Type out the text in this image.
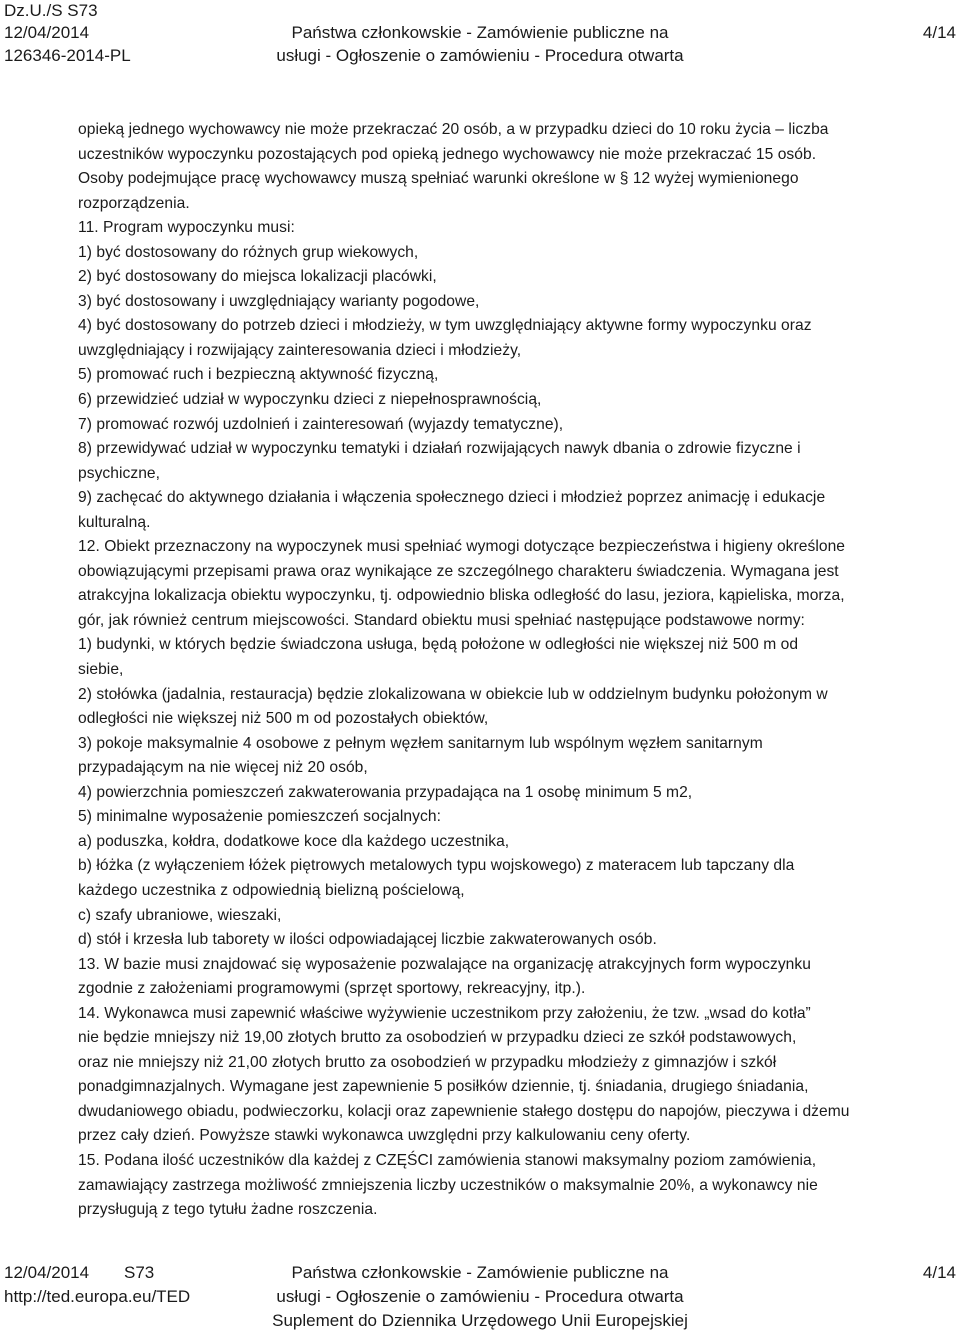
Dz.U./S S73
12/04/2014
126346-2014-PL
Państwa członkowskie - Zamówienie publiczne na
usługi - Ogłoszenie o zamówieniu - Procedura otwarta
4/14

opieką jednego wychowawcy nie może przekraczać 20 osób, a w przypadku dzieci do 10 roku życia – liczba

uczestników wypoczynku pozostających pod opieką jednego wychowawcy nie może przekraczać 15 osób.

Osoby podejmujące pracę wychowawcy muszą spełniać warunki określone w § 12 wyżej wymienionego

rozporządzenia.

11. Program wypoczynku musi:

1) być dostosowany do różnych grup wiekowych,

2) być dostosowany do miejsca lokalizacji placówki,

3) być dostosowany i uwzględniający warianty pogodowe,

4) być dostosowany do potrzeb dzieci i młodzieży, w tym uwzględniający aktywne formy wypoczynku oraz

uwzględniający i rozwijający zainteresowania dzieci i młodzieży,

5) promować ruch i bezpieczną aktywność fizyczną,

6) przewidzieć udział w wypoczynku dzieci z niepełnosprawnością,

7) promować rozwój uzdolnień i zainteresowań (wyjazdy tematyczne),

8) przewidywać udział w wypoczynku tematyki i działań rozwijających nawyk dbania o zdrowie fizyczne i

psychiczne,

9) zachęcać do aktywnego działania i włączenia społecznego dzieci i młodzież poprzez animację i edukacje

kulturalną.

12. Obiekt przeznaczony na wypoczynek musi spełniać wymogi dotyczące bezpieczeństwa i higieny określone

obowiązującymi przepisami prawa oraz wynikające ze szczególnego charakteru świadczenia. Wymagana jest

atrakcyjna lokalizacja obiektu wypoczynku, tj. odpowiednio bliska odległość do lasu, jeziora, kąpieliska, morza,

gór, jak również centrum miejscowości. Standard obiektu musi spełniać następujące podstawowe normy:

1) budynki, w których będzie świadczona usługa, będą położone w odległości nie większej niż 500 m od

siebie,

2) stołówka (jadalnia, restauracja) będzie zlokalizowana w obiekcie lub w oddzielnym budynku położonym w

odległości nie większej niż 500 m od pozostałych obiektów,

3) pokoje maksymalnie 4 osobowe z pełnym węzłem sanitarnym lub wspólnym węzłem sanitarnym

przypadającym na nie więcej niż 20 osób,

4) powierzchnia pomieszczeń zakwaterowania przypadająca na 1 osobę minimum 5 m2,

5) minimalne wyposażenie pomieszczeń socjalnych:

a) poduszka, kołdra, dodatkowe koce dla każdego uczestnika,

b) łóżka (z wyłączeniem łóżek piętrowych metalowych typu wojskowego) z materacem lub tapczany dla

każdego uczestnika z odpowiednią bielizną pościelową,

c) szafy ubraniowe, wieszaki,

d) stół i krzesła lub taborety w ilości odpowiadającej liczbie zakwaterowanych osób.

13. W bazie musi znajdować się wyposażenie pozwalające na organizację atrakcyjnych form wypoczynku

zgodnie z założeniami programowymi (sprzęt sportowy, rekreacyjny, itp.).

14. Wykonawca musi zapewnić właściwe wyżywienie uczestnikom przy założeniu, że tzw. „wsad do kotła”

nie będzie mniejszy niż 19,00 złotych brutto za osobodzień w przypadku dzieci ze szkół podstawowych,

oraz nie mniejszy niż 21,00 złotych brutto za osobodzień w przypadku młodzieży z gimnazjów i szkół

ponadgimnazjalnych. Wymagane jest zapewnienie 5 posiłków dziennie, tj. śniadania, drugiego śniadania,

dwudaniowego obiadu, podwieczorku, kolacji oraz zapewnienie stałego dostępu do napojów, pieczywa i dżemu

przez cały dzień. Powyższe stawki wykonawca uwzględni przy kalkulowaniu ceny oferty.

15. Podana ilość uczestników dla każdej z CZĘŚCI zamówienia stanowi maksymalny poziom zamówienia,

zamawiający zastrzega możliwość zmniejszenia liczby uczestników o maksymalnie 20%, a wykonawcy nie

przysługują z tego tytułu żadne roszczenia.

12/04/2014 S73
http://ted.europa.eu/TED
Państwa członkowskie - Zamówienie publiczne na
usługi - Ogłoszenie o zamówieniu - Procedura otwarta
Suplement do Dziennika Urzędowego Unii Europejskiej
4/14
